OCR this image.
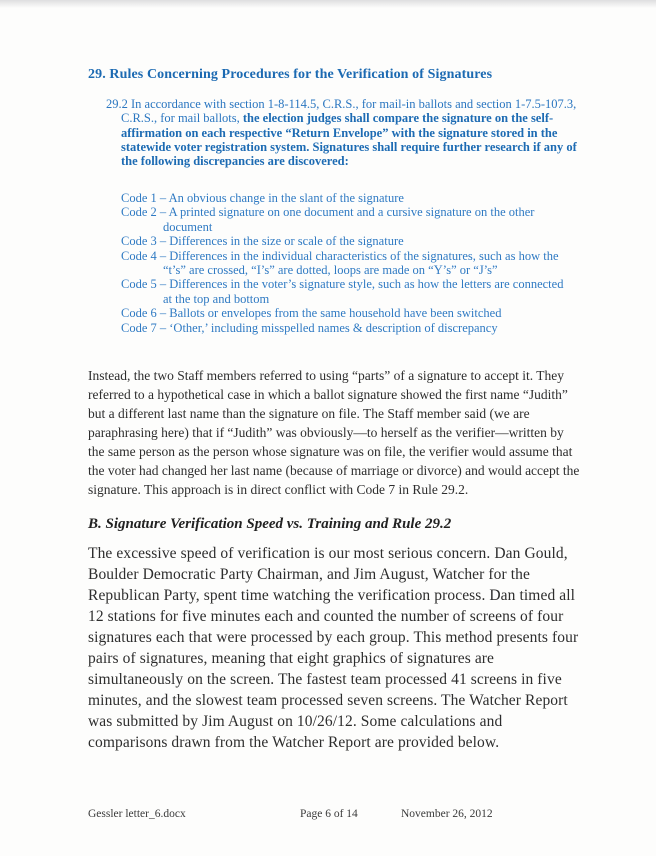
29. Rules Concerning Procedures for the Verification of Signatures
29.2 In accordance with section 1-8-114.5, C.R.S., for mail-in ballots and section 1-7.5-107.3, C.R.S., for mail ballots, the election judges shall compare the signature on the self-affirmation on each respective “Return Envelope” with the signature stored in the statewide voter registration system. Signatures shall require further research if any of the following discrepancies are discovered:
Code 1 – An obvious change in the slant of the signature
Code 2 – A printed signature on one document and a cursive signature on the other document
Code 3 – Differences in the size or scale of the signature
Code 4 – Differences in the individual characteristics of the signatures, such as how the “t’s” are crossed, “I’s” are dotted, loops are made on “Y’s” or “J’s”
Code 5 – Differences in the voter’s signature style, such as how the letters are connected at the top and bottom
Code 6 – Ballots or envelopes from the same household have been switched
Code 7 – ‘Other,’ including misspelled names & description of discrepancy
Instead, the two Staff members referred to using “parts” of a signature to accept it. They referred to a hypothetical case in which a ballot signature showed the first name “Judith” but a different last name than the signature on file. The Staff member said (we are paraphrasing here) that if “Judith” was obviously—to herself as the verifier—written by the same person as the person whose signature was on file, the verifier would assume that the voter had changed her last name (because of marriage or divorce) and would accept the signature. This approach is in direct conflict with Code 7 in Rule 29.2.
B. Signature Verification Speed vs. Training and Rule 29.2
The excessive speed of verification is our most serious concern. Dan Gould, Boulder Democratic Party Chairman, and Jim August, Watcher for the Republican Party, spent time watching the verification process. Dan timed all 12 stations for five minutes each and counted the number of screens of four signatures each that were processed by each group. This method presents four pairs of signatures, meaning that eight graphics of signatures are simultaneously on the screen. The fastest team processed 41 screens in five minutes, and the slowest team processed seven screens. The Watcher Report was submitted by Jim August on 10/26/12. Some calculations and comparisons drawn from the Watcher Report are provided below.
Gessler letter_6.docx	Page 6 of 14	November 26, 2012
